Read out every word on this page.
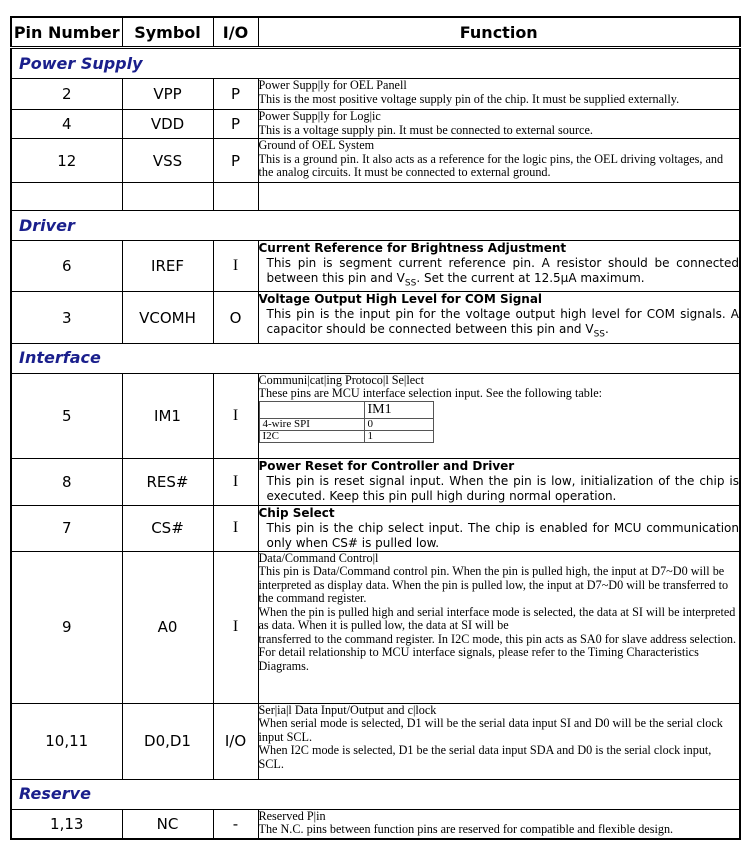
Pin Number	Symbol	I/O	Function
Power Supply
2	VPP	P	Power Supp|ly for OEL Panell
This is the most positive voltage supply pin of the chip. It must be supplied externally.

4	VDD	P	Power Supp|ly for Log|ic
This is a voltage supply pin. It must be connected to external source.

12	VSS	P	
Ground of OEL System
This is a ground pin. It also acts as a reference for the logic pins, the OEL driving voltages, and the analog circuits. It must be connected to external ground.

Driver
6	IREF	I	
Current Reference for Brightness Adjustment
This pin is segment current reference pin. A resistor should be connected between this pin and $V_{SS}$. Set the current at 12.5μA maximum.

3	VCOMH	O	
Voltage Output High Level for COM Signal
This pin is the input pin for the voltage output high level for COM signals. A capacitor should be connected between this pin and $V_{SS}$.

Interface
5	IM1	I	
Communi|cat|ing Protoco|l Se|lect
These pins are MCU interface selection input. See the following table:
	IM1
4-wire SPI	0
I2C	1

8	RES#	I	
Power Reset for Controller and Driver
This pin is reset signal input. When the pin is low, initialization of the chip is executed. Keep this pin pull high during normal operation.

7	CS#	I	
Chip Select
This pin is the chip select input. The chip is enabled for MCU communication only when CS# is pulled low.

9	A0	I	
Data/Command Contro|l
This pin is Data/Command control pin. When the pin is pulled high, the input at D7~D0 will be interpreted as display data. When the pin is pulled low, the input at D7~D0 will be transferred to the command register.
When the pin is pulled high and serial interface mode is selected, the data at SI will be interpreted as data. When it is pulled low, the data at SI will be
transferred to the command register. In I2C mode, this pin acts as SA0 for slave address selection.
For detail relationship to MCU interface signals, please refer to the Timing Characteristics Diagrams.

10,11	D0,D1	I/O	
Ser|ia|l Data Input/Output and c|lock
When serial mode is selected, D1 will be the serial data input SI and D0 will be the serial clock input SCL.
When I2C mode is selected, D1 be the serial data input SDA and D0 is the serial clock input, SCL.

Reserve
1,13	NC	-	Reserved P|in
The N.C. pins between function pins are reserved for compatible and flexible design.
